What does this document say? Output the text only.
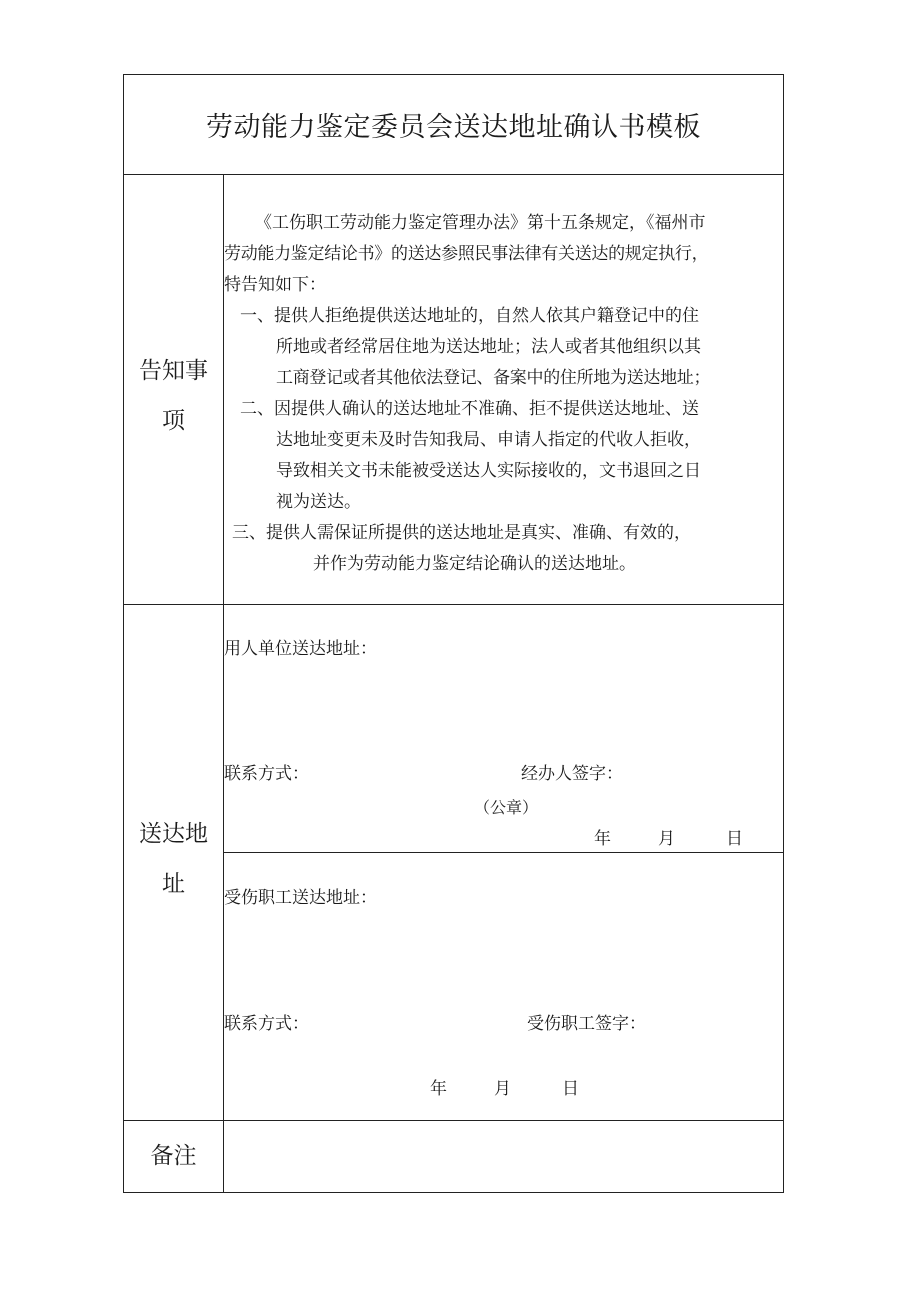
劳动能力鉴定委员会送达地址确认书模板
告知事
项
《工伤职工劳动能力鉴定管理办法》第十五条规定，《福州市
劳动能力鉴定结论书》的送达参照民事法律有关送达的规定执行，
特告知如下：
一、提供人拒绝提供送达地址的，自然人依其户籍登记中的住
所地或者经常居住地为送达地址；法人或者其他组织以其
工商登记或者其他依法登记、备案中的住所地为送达地址；
二、因提供人确认的送达地址不准确、拒不提供送达地址、送
达地址变更未及时告知我局、申请人指定的代收人拒收，
导致相关文书未能被受送达人实际接收的，文书退回之日
视为送达。
三、提供人需保证所提供的送达地址是真实、准确、有效的，
并作为劳动能力鉴定结论确认的送达地址。
送达地
址
用人单位送达地址：
联系方式：	经办人签字：
（公章）
年	月	日
受伤职工送达地址：
联系方式：	受伤职工签字：
年	月	日
备注
